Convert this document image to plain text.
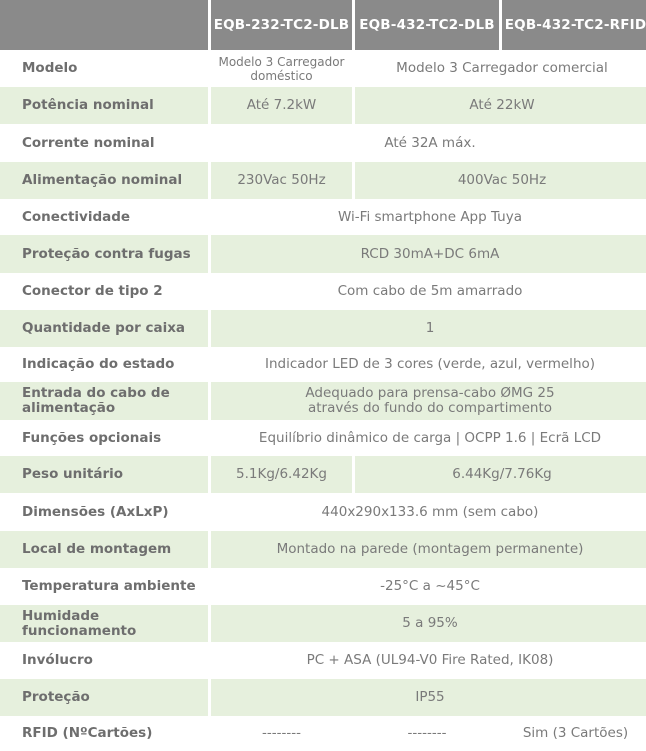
	EQB-232-TC2-DLB	EQB-432-TC2-DLB	EQB-432-TC2-RFID
Modelo	Modelo 3 Carregador doméstico	Modelo 3 Carregador comercial	
Potência nominal	Até 7.2kW	Até 22kW	
Corrente nominal	Até 32A máx.		
Alimentação nominal	230Vac 50Hz	400Vac 50Hz	
Conectividade	Wi-Fi smartphone App Tuya		
Proteção contra fugas	RCD 30mA+DC 6mA		
Conector de tipo 2	Com cabo de 5m amarrado		
Quantidade por caixa	1		
Indicação do estado	Indicador LED de 3 cores (verde, azul, vermelho)		
Entrada do cabo de alimentação	Adequado para prensa-cabo ØMG 25 através do fundo do compartimento		
Funções opcionais	Equilíbrio dinâmico de carga | OCPP 1.6 | Ecrã LCD		
Peso unitário	5.1Kg/6.42Kg	6.44Kg/7.76Kg	
Dimensões (AxLxP)	440x290x133.6 mm (sem cabo)		
Local de montagem	Montado na parede (montagem permanente)		
Temperatura ambiente	-25°C a ~45°C		
Humidade funcionamento	5 a 95%		
Invólucro	PC + ASA (UL94-V0 Fire Rated, IK08)		
Proteção	IP55		
RFID (NºCartões)	--------	--------	Sim (3 Cartões)
